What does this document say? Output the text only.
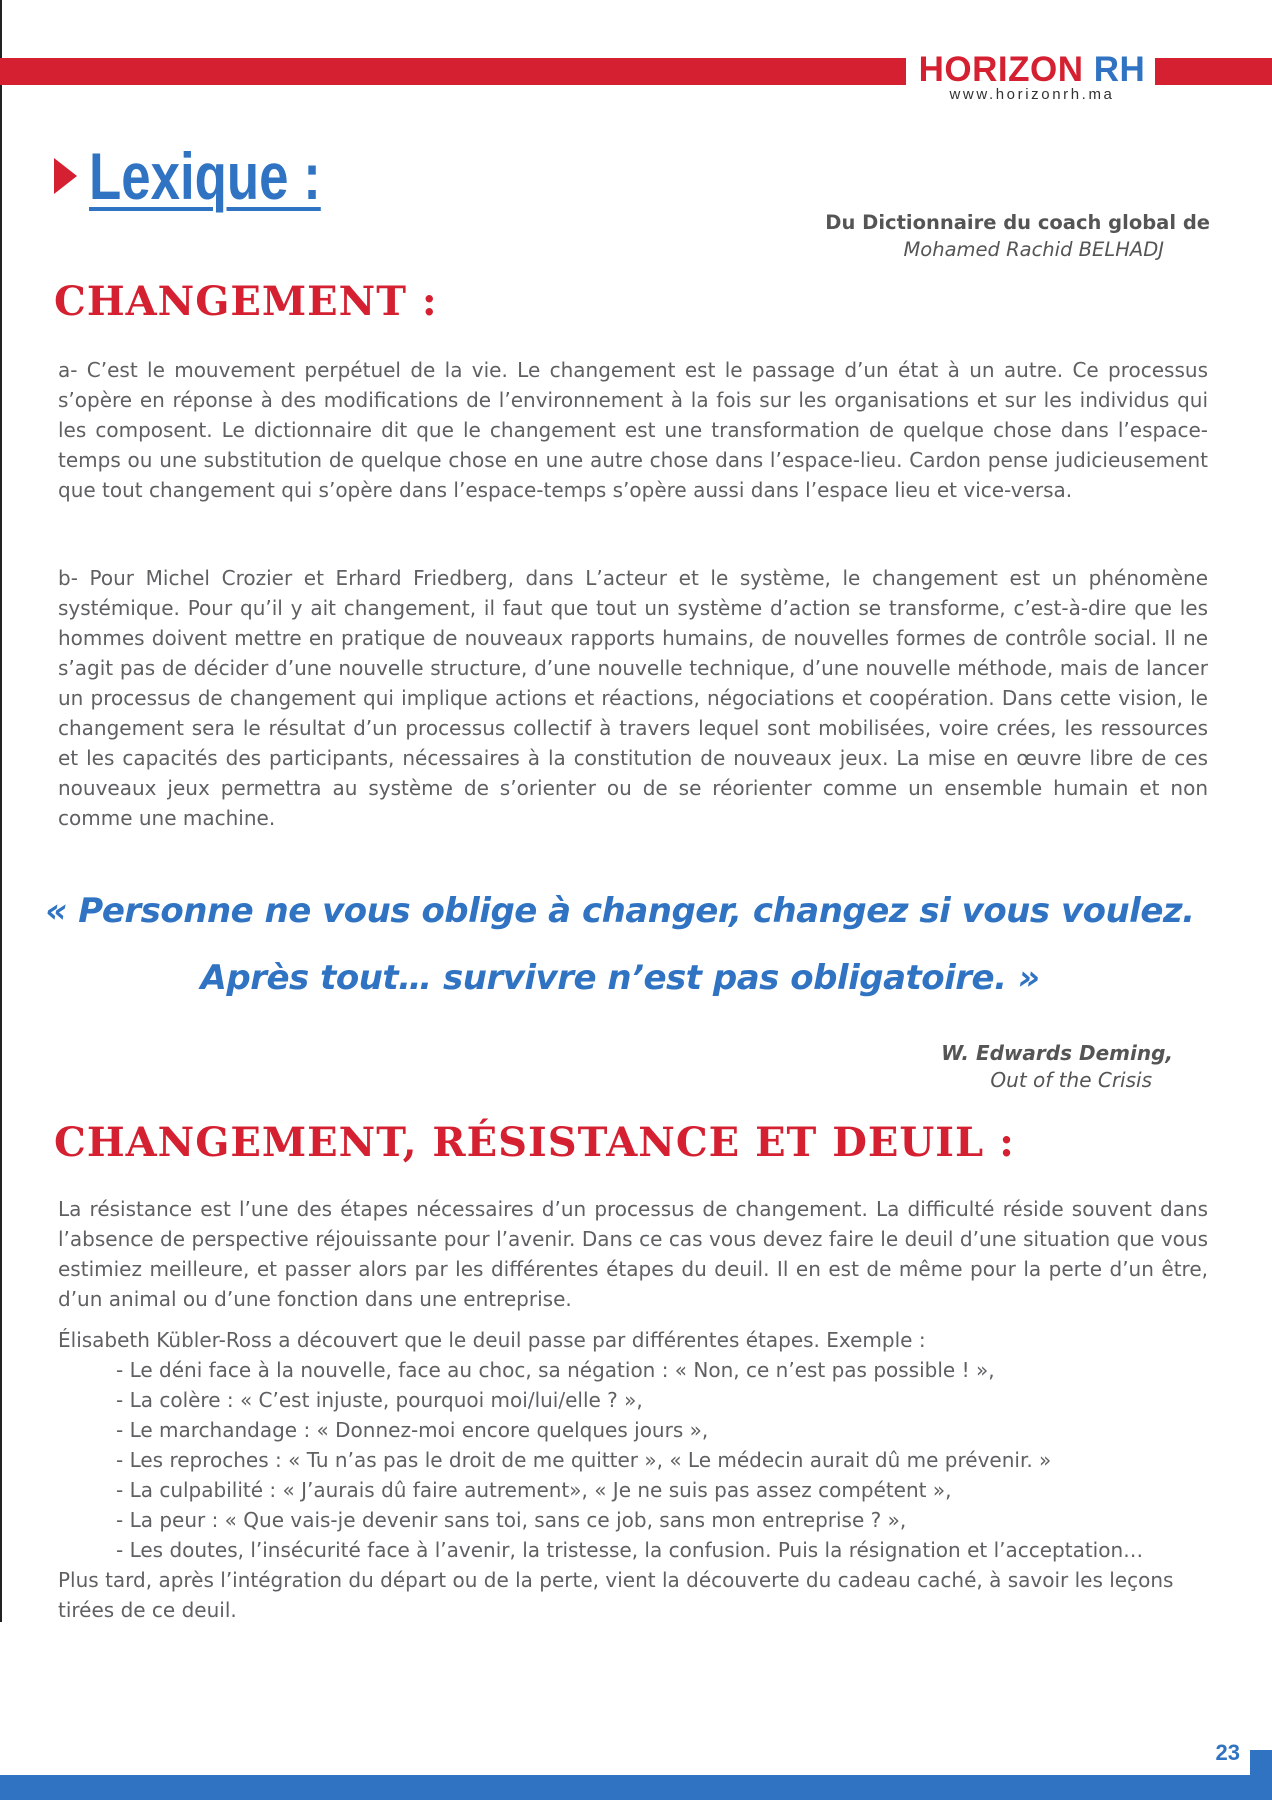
HORIZON RH
www.horizonrh.ma
Lexique :
Du Dictionnaire du coach global de
Mohamed Rachid BELHADJ
CHANGEMENT :

a- C’est le mouvement perpétuel de la vie. Le changement est le passage d’un état à un autre. Ce processus s’opère en réponse à des modifications de l’environnement à la fois sur les organisations et sur les individus qui les composent. Le dictionnaire dit que le changement est une transformation de quelque chose dans l’espace-temps ou une substitution de quelque chose en une autre chose dans l’espace-lieu. Cardon pense judicieusement que tout changement qui s’opère dans l’espace-temps s’opère aussi dans l’espace lieu et vice-versa.

b- Pour Michel Crozier et Erhard Friedberg, dans L’acteur et le système, le changement est un phénomène systémique. Pour qu’il y ait changement, il faut que tout un système d’action se transforme, c’est-à-dire que les hommes doivent mettre en pratique de nouveaux rapports humains, de nouvelles formes de contrôle social. Il ne s’agit pas de décider d’une nouvelle structure, d’une nouvelle technique, d’une nouvelle méthode, mais de lancer un processus de changement qui implique actions et réactions, négociations et coopération. Dans cette vision, le changement sera le résultat d’un processus collectif à travers lequel sont mobilisées, voire crées, les ressources et les capacités des participants, nécessaires à la constitution de nouveaux jeux. La mise en œuvre libre de ces nouveaux jeux permettra au système de s’orienter ou de se réorienter comme un ensemble humain et non comme une machine.

« Personne ne vous oblige à changer, changez si vous voulez.
Après tout… survivre n’est pas obligatoire. »
W. Edwards Deming,
Out of the Crisis
CHANGEMENT, RÉSISTANCE ET DEUIL :

La résistance est l’une des étapes nécessaires d’un processus de changement. La difficulté réside souvent dans l’absence de perspective réjouissante pour l’avenir. Dans ce cas vous devez faire le deuil d’une situation que vous estimiez meilleure, et passer alors par les différentes étapes du deuil. Il en est de même pour la perte d’un être, d’un animal ou d’une fonction dans une entreprise.

Élisabeth Kübler-Ross a découvert que le deuil passe par différentes étapes. Exemple :

- Le déni face à la nouvelle, face au choc, sa négation : « Non, ce n’est pas possible ! »,
- La colère : « C’est injuste, pourquoi moi/lui/elle ? »,
- Le marchandage : « Donnez-moi encore quelques jours »,
- Les reproches : « Tu n’as pas le droit de me quitter », « Le médecin aurait dû me prévenir. »
- La culpabilité : « J’aurais dû faire autrement», « Je ne suis pas assez compétent »,
- La peur : « Que vais-je devenir sans toi, sans ce job, sans mon entreprise ? »,
- Les doutes, l’insécurité face à l’avenir, la tristesse, la confusion. Puis la résignation et l’acceptation…

Plus tard, après l’intégration du départ ou de la perte, vient la découverte du cadeau caché, à savoir les leçons tirées de ce deuil.

23
